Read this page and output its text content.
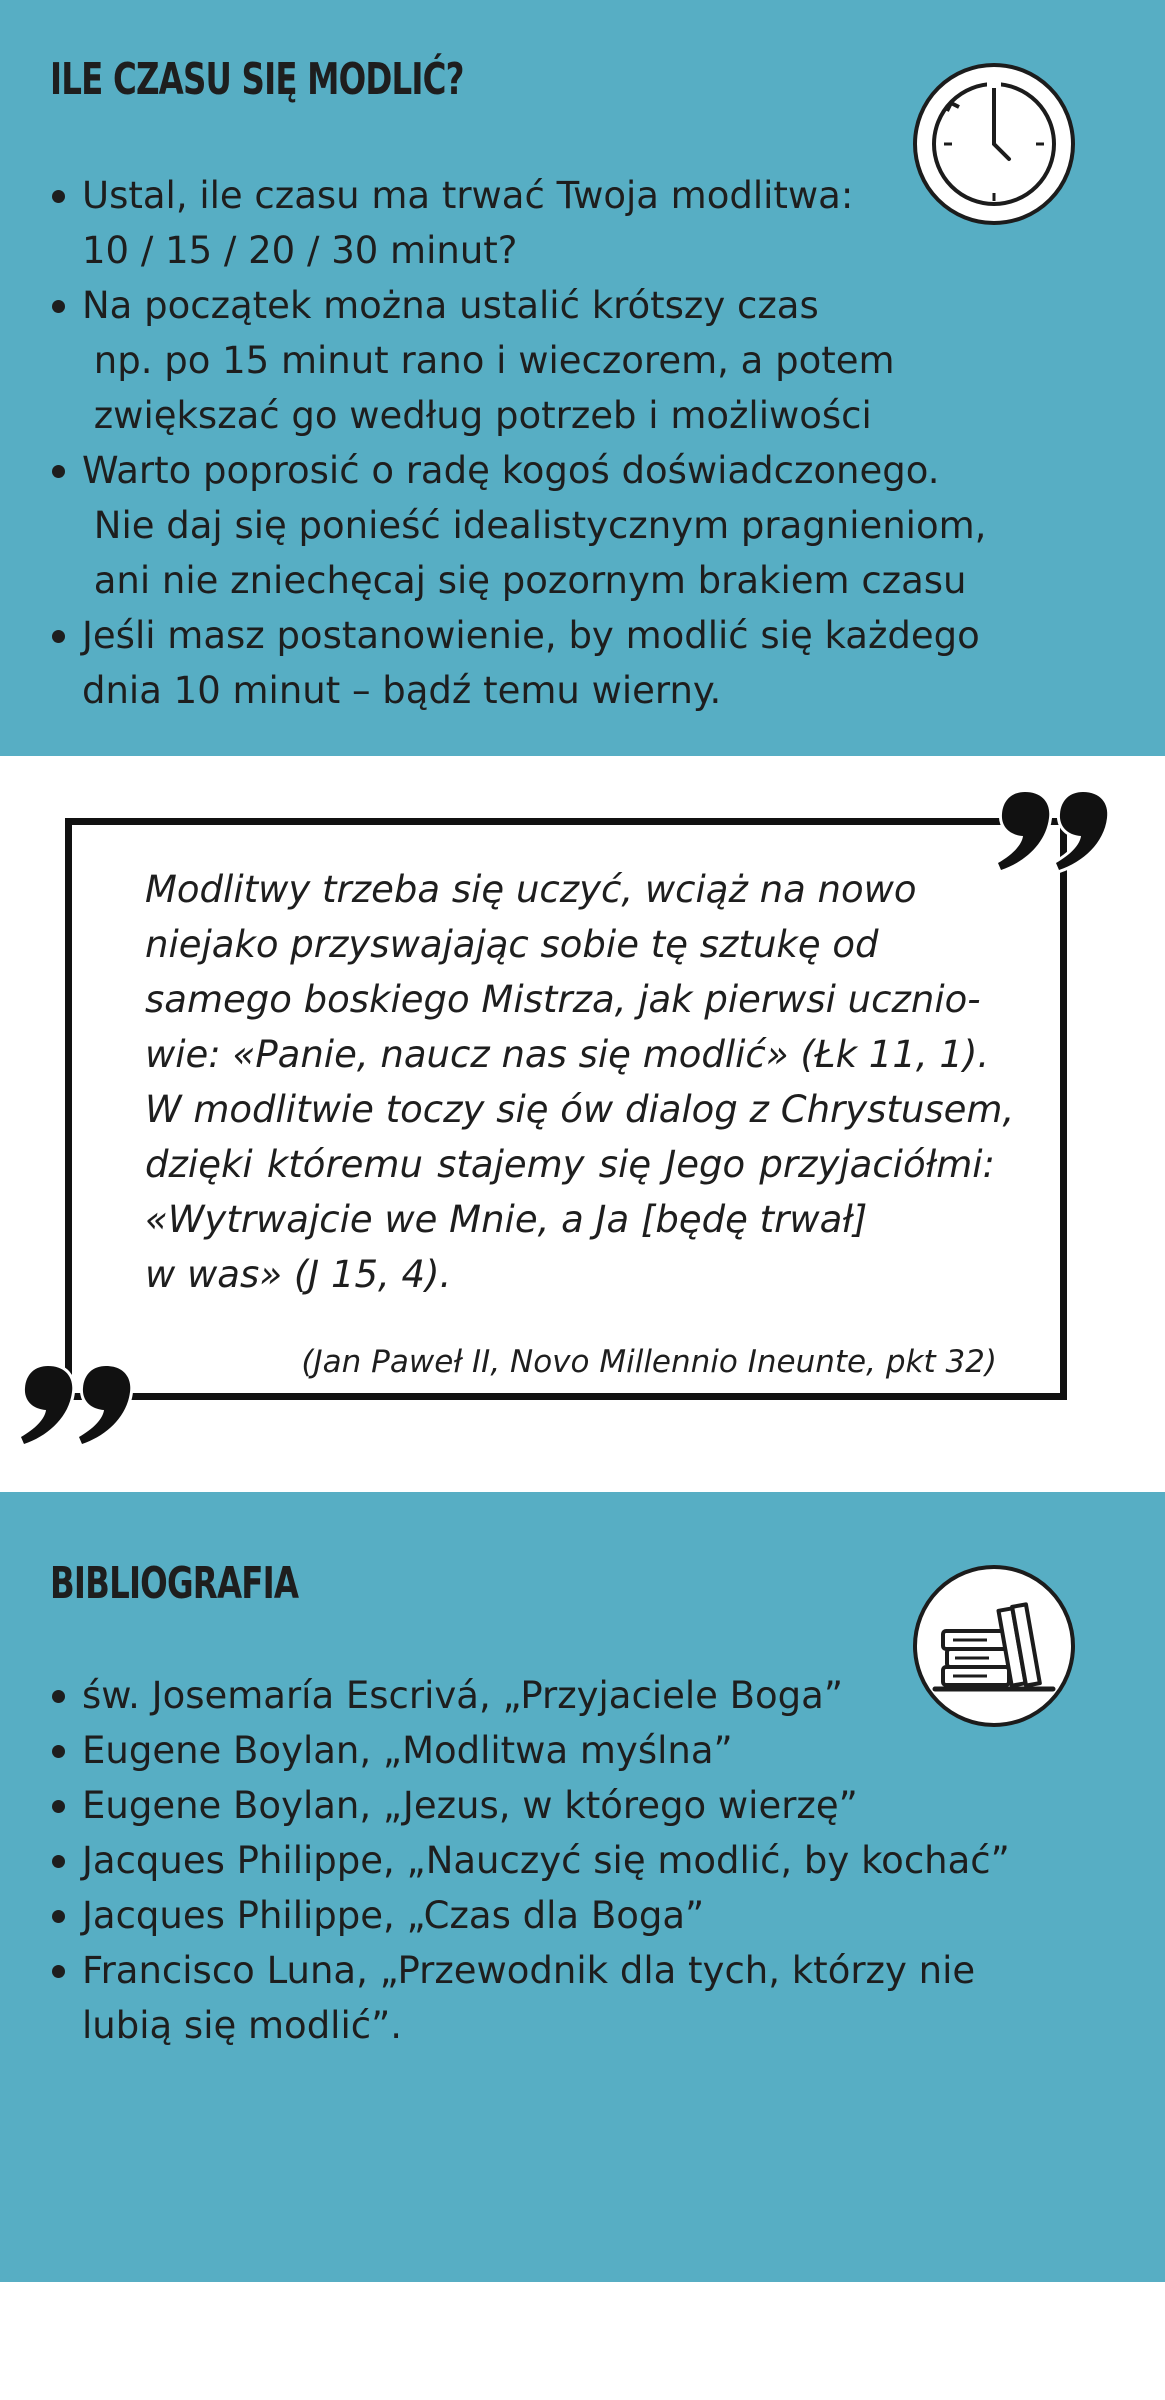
ILE CZASU SIĘ MODLIĆ?
Ustal, ile czasu ma trwać Twoja modlitwa:
10 / 15 / 20 / 30 minut?
Na początek można ustalić krótszy czas
np. po 15 minut rano i wieczorem, a potem
zwiększać go według potrzeb i możliwości
Warto poprosić o radę kogoś doświadczonego.
Nie daj się ponieść idealistycznym pragnieniom,
ani nie zniechęcaj się pozornym brakiem czasu
Jeśli masz postanowienie, by modlić się każdego
dnia 10 minut – bądź temu wierny.
Modlitwy trzeba się uczyć, wciąż na nowo
niejako przyswajając sobie tę sztukę od
samego boskiego Mistrza, jak pierwsi ucznio-
wie: «Panie, naucz nas się modlić» (Łk 11, 1).
W modlitwie toczy się ów dialog z Chrystusem,
dzięki któremu stajemy się Jego przyjaciółmi:
«Wytrwajcie we Mnie, a Ja [będę trwał]
w was» (J 15, 4).
(Jan Paweł II, Novo Millennio Ineunte, pkt 32)
BIBLIOGRAFIA
św. Josemaría Escrivá, „Przyjaciele Boga”
Eugene Boylan, „Modlitwa myślna”
Eugene Boylan, „Jezus, w którego wierzę”
Jacques Philippe, „Nauczyć się modlić, by kochać”
Jacques Philippe, „Czas dla Boga”
Francisco Luna, „Przewodnik dla tych, którzy nie
lubią się modlić”.
